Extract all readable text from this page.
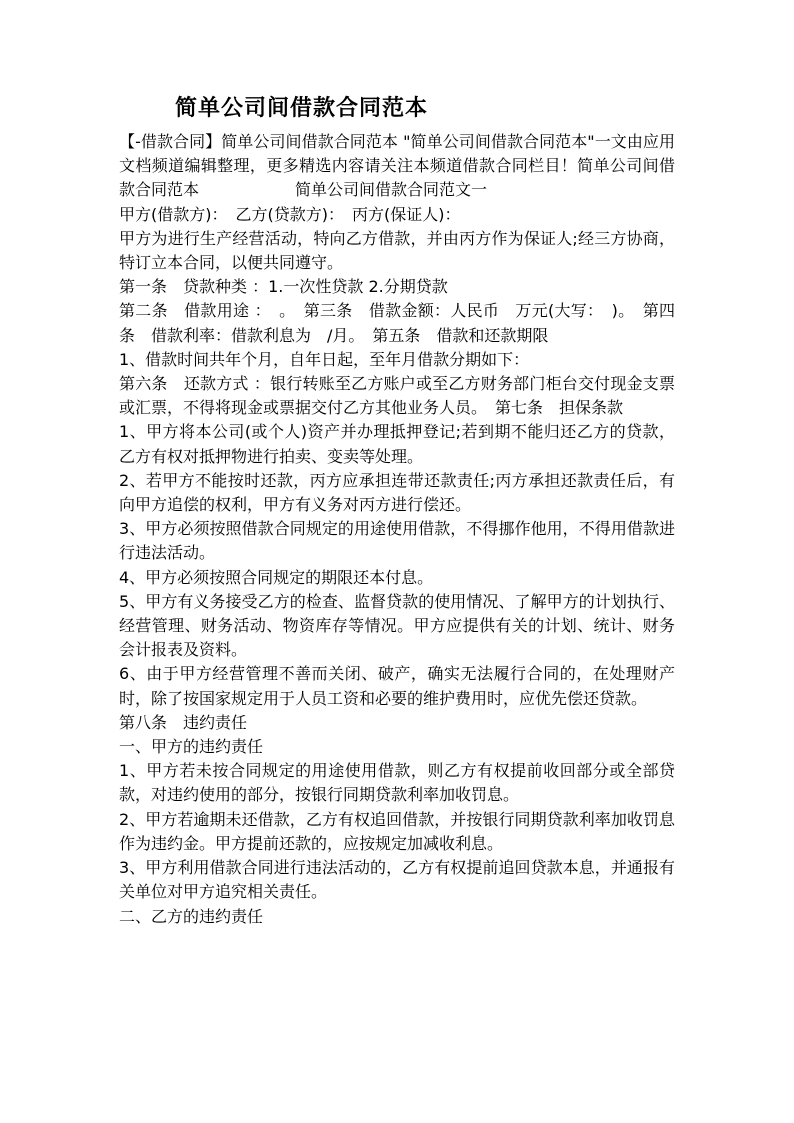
简单公司间借款合同范本

【-借款合同】简单公司间借款合同范本 "简单公司间借款合同范本"一文由应用文档频道编辑整理，更多精选内容请关注本频道借款合同栏目！简单公司间借款合同范本　　　　　　简单公司间借款合同范文一

甲方(借款方)：　乙方(贷款方)：　丙方(保证人)：

甲方为进行生产经营活动，特向乙方借款，并由丙方作为保证人;经三方协商，特订立本合同，以便共同遵守。

第一条　贷款种类 ：1.一次性贷款 2.分期贷款

第二条　借款用途 ：　。　第三条　借款金额：人民币　万元(大写：　)。　第四条　借款利率：借款利息为　/月。　第五条　借款和还款期限

1、借款时间共年个月，自年日起，至年月借款分期如下：

第六条　还款方式 ：银行转账至乙方账户或至乙方财务部门柜台交付现金支票或汇票，不得将现金或票据交付乙方其他业务人员。　第七条　担保条款

1、甲方将本公司(或个人)资产并办理抵押登记;若到期不能归还乙方的贷款，乙方有权对抵押物进行拍卖、变卖等处理。

2、若甲方不能按时还款，丙方应承担连带还款责任;丙方承担还款责任后，有向甲方追偿的权利，甲方有义务对丙方进行偿还。

3、甲方必须按照借款合同规定的用途使用借款，不得挪作他用，不得用借款进行违法活动。

4、甲方必须按照合同规定的期限还本付息。

5、甲方有义务接受乙方的检查、监督贷款的使用情况、了解甲方的计划执行、经营管理、财务活动、物资库存等情况。甲方应提供有关的计划、统计、财务会计报表及资料。

6、由于甲方经营管理不善而关闭、破产，确实无法履行合同的，在处理财产时，除了按国家规定用于人员工资和必要的维护费用时，应优先偿还贷款。

第八条　违约责任

一、甲方的违约责任

1、甲方若未按合同规定的用途使用借款，则乙方有权提前收回部分或全部贷款，对违约使用的部分，按银行同期贷款利率加收罚息。

2、甲方若逾期未还借款，乙方有权追回借款，并按银行同期贷款利率加收罚息作为违约金。甲方提前还款的，应按规定加减收利息。

3、甲方利用借款合同进行违法活动的，乙方有权提前追回贷款本息，并通报有关单位对甲方追究相关责任。

二、乙方的违约责任
